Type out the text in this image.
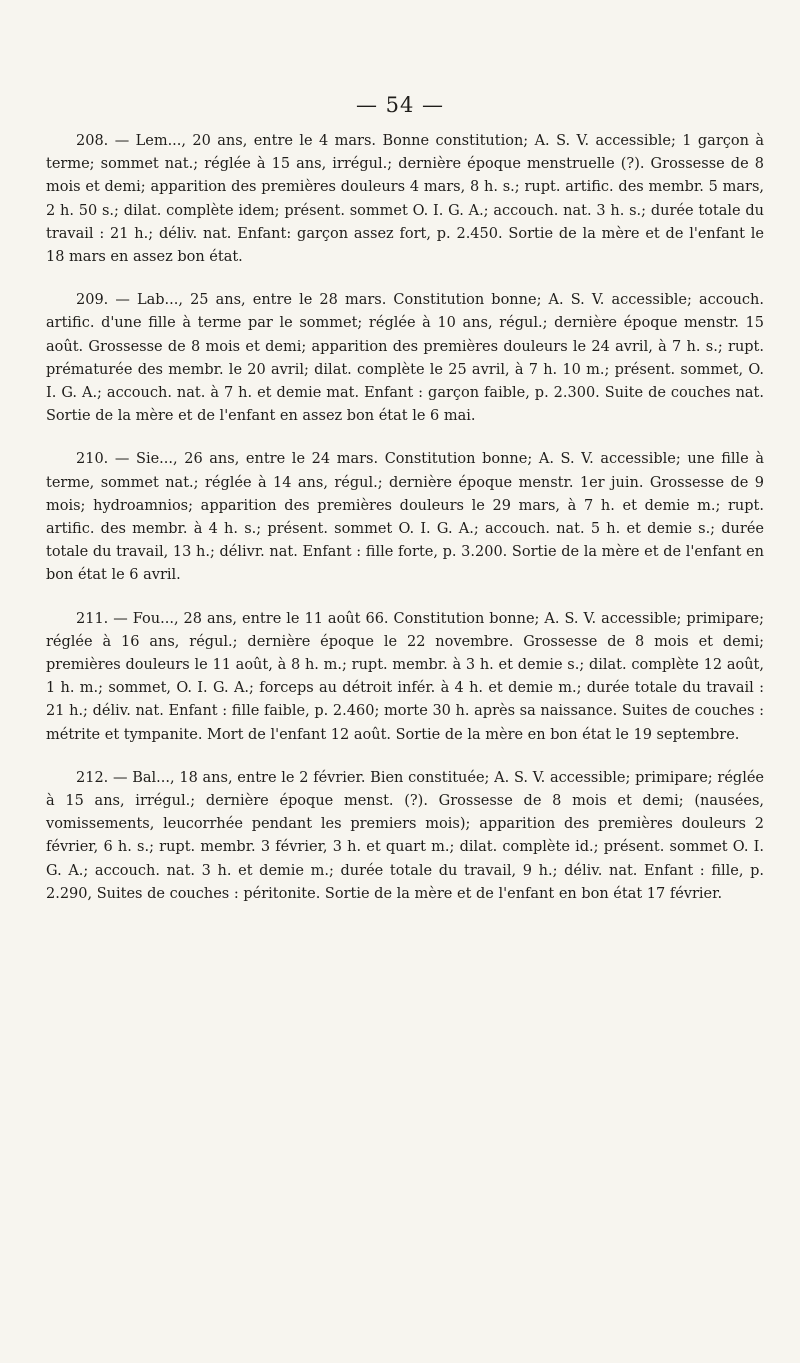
— 54 —

208. — Lem..., 20 ans, entre le 4 mars. Bonne constitution; A. S. V. accessible; 1 garçon à terme; sommet nat.; réglée à 15 ans, irrégul.; dernière époque menstruelle (?). Grossesse de 8 mois et demi; apparition des premières douleurs 4 mars, 8 h. s.; rupt. artific. des membr. 5 mars, 2 h. 50 s.; dilat. complète idem; présent. sommet O. I. G. A.; accouch. nat. 3 h. s.; durée totale du travail : 21 h.; déliv. nat. Enfant: garçon assez fort, p. 2.450. Sortie de la mère et de l'enfant le 18 mars en assez bon état.

209. — Lab..., 25 ans, entre le 28 mars. Constitution bonne; A. S. V. accessible; accouch. artific. d'une fille à terme par le sommet; réglée à 10 ans, régul.; dernière époque menstr. 15 août. Grossesse de 8 mois et demi; apparition des premières douleurs le 24 avril, à 7 h. s.; rupt. prématurée des membr. le 20 avril; dilat. complète le 25 avril, à 7 h. 10 m.; présent. sommet, O. I. G. A.; accouch. nat. à 7 h. et demie mat. Enfant : garçon faible, p. 2.300. Suite de couches nat. Sortie de la mère et de l'enfant en assez bon état le 6 mai.

210. — Sie..., 26 ans, entre le 24 mars. Constitution bonne; A. S. V. accessible; une fille à terme, sommet nat.; réglée à 14 ans, régul.; dernière époque menstr. 1er juin. Grossesse de 9 mois; hydroamnios; apparition des premières douleurs le 29 mars, à 7 h. et demie m.; rupt. artific. des membr. à 4 h. s.; présent. sommet O. I. G. A.; accouch. nat. 5 h. et demie s.; durée totale du travail, 13 h.; délivr. nat. Enfant : fille forte, p. 3.200. Sortie de la mère et de l'enfant en bon état le 6 avril.

211. — Fou..., 28 ans, entre le 11 août 66. Constitution bonne; A. S. V. accessible; primipare; réglée à 16 ans, régul.; dernière époque le 22 novembre. Grossesse de 8 mois et demi; premières douleurs le 11 août, à 8 h. m.; rupt. membr. à 3 h. et demie s.; dilat. complète 12 août, 1 h. m.; sommet, O. I. G. A.; forceps au détroit infér. à 4 h. et demie m.; durée totale du travail : 21 h.; déliv. nat. Enfant : fille faible, p. 2.460; morte 30 h. après sa naissance. Suites de couches : métrite et tympanite. Mort de l'enfant 12 août. Sortie de la mère en bon état le 19 septembre.

212. — Bal..., 18 ans, entre le 2 février. Bien constituée; A. S. V. accessible; primipare; réglée à 15 ans, irrégul.; dernière époque menst. (?). Grossesse de 8 mois et demi; (nausées, vomissements, leucorrhée pendant les premiers mois); apparition des premières douleurs 2 février, 6 h. s.; rupt. membr. 3 février, 3 h. et quart m.; dilat. complète id.; présent. sommet O. I. G. A.; accouch. nat. 3 h. et demie m.; durée totale du travail, 9 h.; déliv. nat. Enfant : fille, p. 2.290, Suites de couches : péritonite. Sortie de la mère et de l'enfant en bon état 17 février.
